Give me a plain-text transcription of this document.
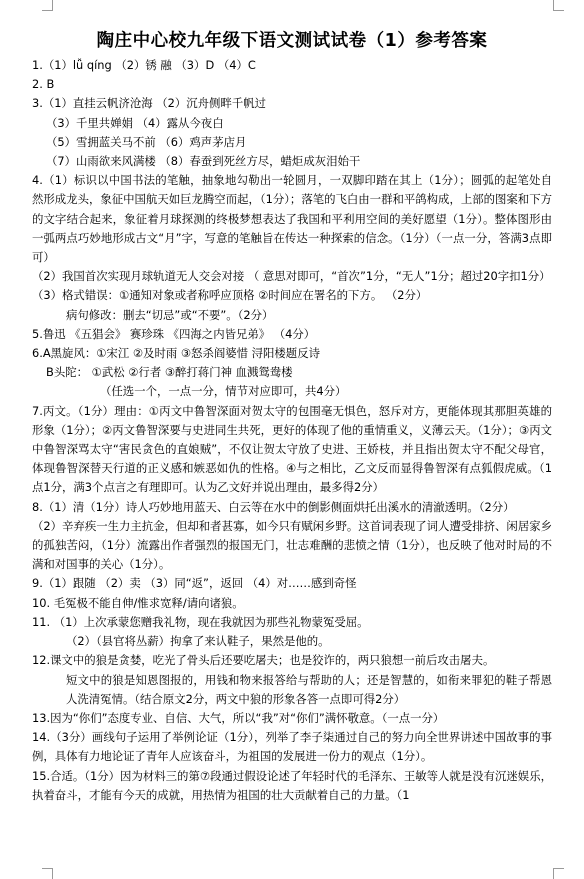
陶庄中心校九年级下语文测试试卷（1）参考答案
1.（1）lǚ qíng （2）锈 融 （3）D （4）C
2. B
3.（1）直挂云帆济沧海 （2）沉舟侧畔千帆过
（3）千里共婵娟 （4）露从今夜白
（5）雪拥蓝关马不前 （6）鸡声茅店月
（7）山雨欲来风满楼 （8）春蚕到死丝方尽，蜡炬成灰泪始干
4.（1）标识以中国书法的笔触，抽象地勾勒出一轮圆月，一双脚印踏在其上（1分）；圆弧的起笔处自然形成龙头，象征中国航天如巨龙腾空而起，（1分）；落笔的飞白由一群和平鸽构成，上部的图案和下方的文字结合起来，象征着月球探测的终极梦想表达了我国和平利用空间的美好愿望（1分）。整体图形由一弧两点巧妙地形成古文“月”字，写意的笔触旨在传达一种探索的信念。（1分）（一点一分，答满3点即可）
（2）我国首次实现月球轨道无人交会对接 （ 意思对即可，“首次”1分，“无人”1分；超过20字扣1分）
（3）格式错误：①通知对象或者称呼应顶格 ②时间应在署名的下方。 （2分）
病句修改：删去“切忌”或“不要”。（2分）
5.鲁迅 《五猖会》 赛珍珠 《四海之内皆兄弟》 （4分）
6.A黑旋风：①宋江 ②及时雨 ③怒杀阎婆惜 浔阳楼题反诗
B头陀： ①武松 ②行者 ③醉打蒋门神 血溅鸳鸯楼
（任选一个，一点一分，情节对应即可，共4分）
7.丙文。（1分）理由：①丙文中鲁智深面对贺太守的包围毫无惧色，怒斥对方，更能体现其那胆英雄的形象（1分）；②丙文鲁智深要与史进同生共死，更好的体现了他的重情重义，义薄云天。（1分）；③丙文中鲁智深骂太守“害民贪色的直娘贼”，不仅让贺太守放了史进、王娇枝，并且指出贺太守不配父母官，体现鲁智深替天行道的正义感和嫉恶如仇的性格。④与之相比，乙文反而显得鲁智深有点狐假虎威。（1点1分，满3个点言之有理即可。认为乙文好并说出理由，最多得2分）
8.（1）清（1分）诗人巧妙地用蓝天、白云等在水中的倒影侧面烘托出溪水的清澈透明。（2分）
（2）辛弃疾一生力主抗金，但却和者甚寡，如今只有赋闲乡野。这首词表现了词人遭受排挤、闲居家乡的孤独苦闷，（1分）流露出作者强烈的报国无门，壮志难酬的悲愤之情（1分），也反映了他对时局的不满和对国事的关心（1分）。
9.（1）跟随 （2）卖 （3）同“返”，返回 （4）对……感到奇怪
10. 毛冤极不能自伸/惟求宽释/请向诸狼。
11. （1）上次承蒙您赠我礼物，现在我就因为那些礼物蒙冤受屈。
（2）（县官将丛薪）拘拿了来认鞋子，果然是他的。
12.课文中的狼是贪婪，吃光了骨头后还要吃屠夫；也是狡诈的，两只狼想一前后攻击屠夫。
短文中的狼是知恩图报的，用钱和物来报答给与帮助的人；还是智慧的，如衔来罪犯的鞋子帮恩人洗清冤情。（结合原文2分，两文中狼的形象各答一点即可得2分）
13.因为“你们”态度专业、自信、大气，所以“我”对“你们”满怀敬意。（一点一分）
14.（3分）画线句子运用了举例论证（1分），列举了李子柒通过自己的努力向全世界讲述中国故事的事例，具体有力地论证了青年人应该奋斗，为祖国的发展进一份力的观点（1分）。
15.合适。（1分）因为材料三的第⑦段通过假设论述了年轻时代的毛泽东、王敏等人就是没有沉迷娱乐，执着奋斗，才能有今天的成就，用热情为祖国的壮大贡献着自己的力量。（1
